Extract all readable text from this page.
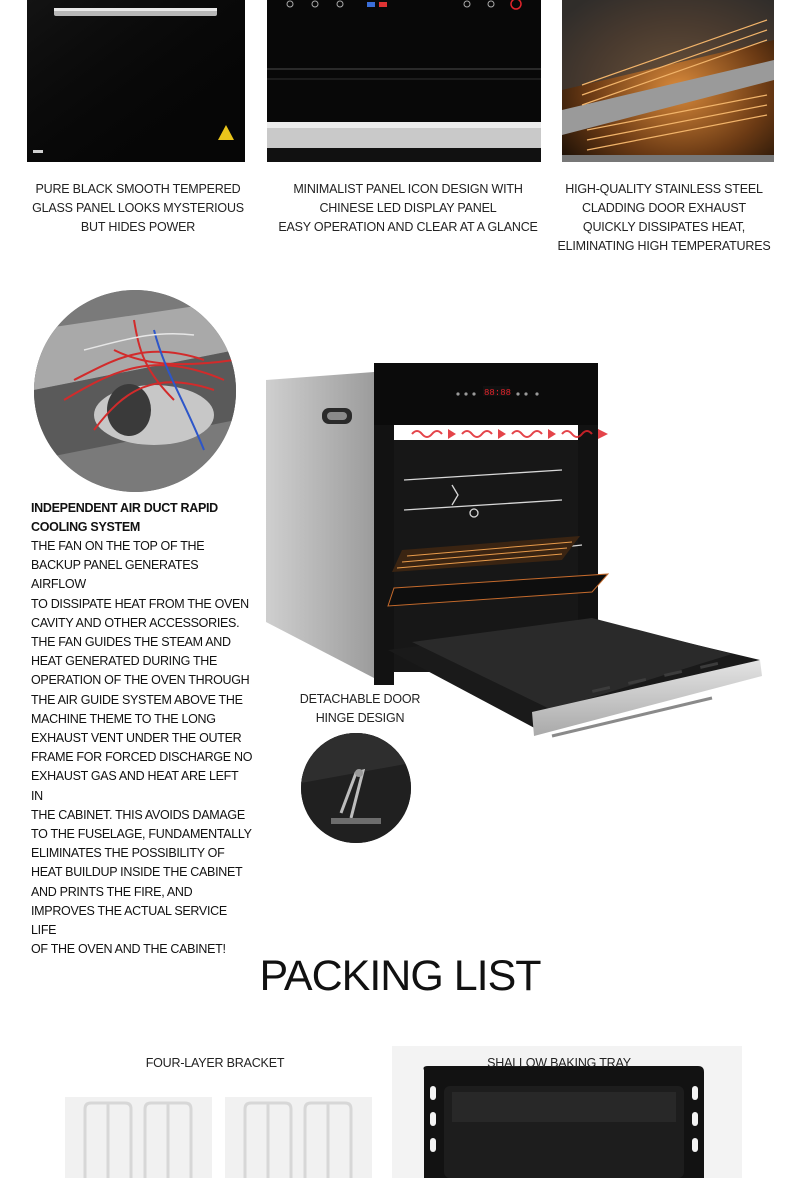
PURE BLACK SMOOTH TEMPERED
GLASS PANEL LOOKS MYSTERIOUS
BUT HIDES POWER
MINIMALIST PANEL ICON DESIGN WITH
CHINESE LED DISPLAY PANEL
EASY OPERATION AND CLEAR AT A GLANCE
HIGH-QUALITY STAINLESS STEEL
CLADDING DOOR EXHAUST
QUICKLY DISSIPATES HEAT,
ELIMINATING HIGH TEMPERATURES
INDEPENDENT AIR DUCT RAPID
COOLING SYSTEM
THE FAN ON THE TOP OF THE
BACKUP PANEL GENERATES AIRFLOW
TO DISSIPATE HEAT FROM THE OVEN
CAVITY AND OTHER ACCESSORIES.
THE FAN GUIDES THE STEAM AND
HEAT GENERATED DURING THE
OPERATION OF THE OVEN THROUGH
THE AIR GUIDE SYSTEM ABOVE THE
MACHINE THEME TO THE LONG
EXHAUST VENT UNDER THE OUTER
FRAME FOR FORCED DISCHARGE NO
EXHAUST GAS AND HEAT ARE LEFT IN
THE CABINET. THIS AVOIDS DAMAGE
TO THE FUSELAGE, FUNDAMENTALLY
ELIMINATES THE POSSIBILITY OF
HEAT BUILDUP INSIDE THE CABINET
AND PRINTS THE FIRE, AND
IMPROVES THE ACTUAL SERVICE LIFE
OF THE OVEN AND THE CABINET!
88:88
DETACHABLE DOOR
HINGE DESIGN
PACKING LIST
FOUR-LAYER BRACKET	SHALLOW BAKING TRAY
